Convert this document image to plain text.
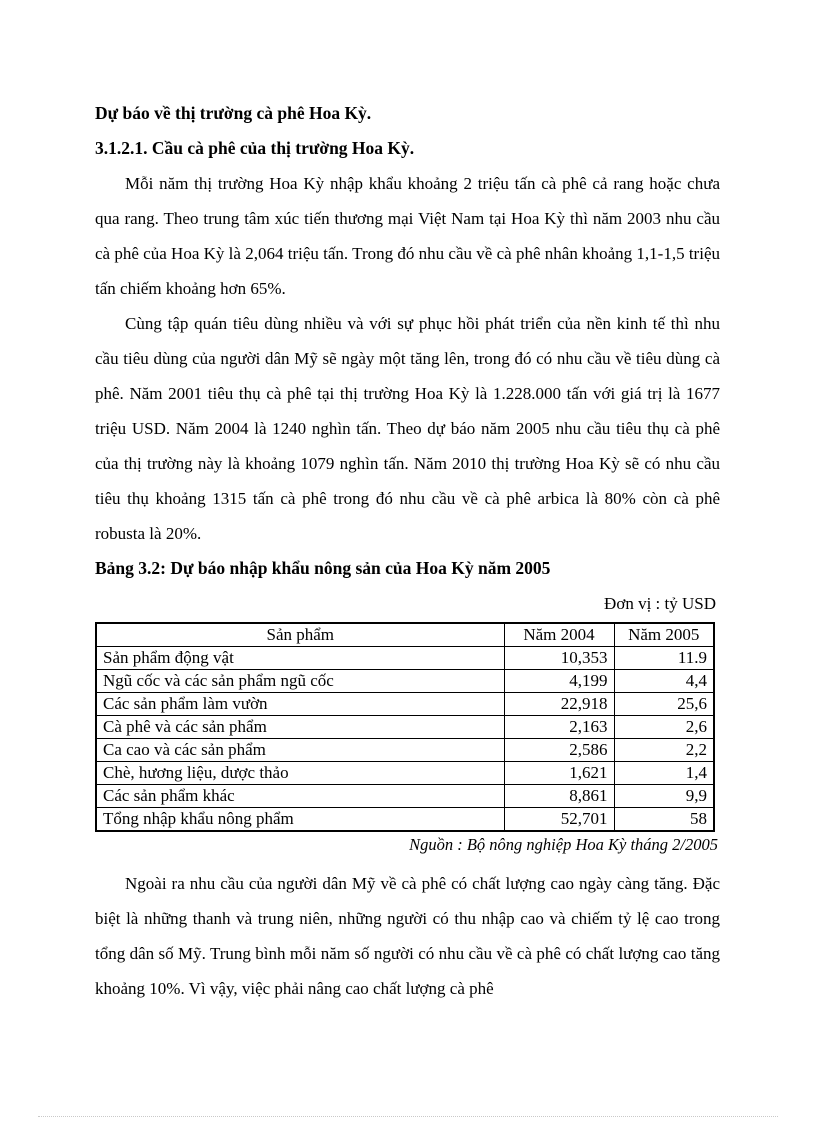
Dự báo về thị trường cà phê Hoa Kỳ.
3.1.2.1. Cầu cà phê của thị trường Hoa Kỳ.

Mỗi năm thị trường Hoa Kỳ nhập khẩu khoảng 2 triệu tấn cà phê cả rang hoặc chưa qua rang. Theo trung tâm xúc tiến thương mại Việt Nam tại Hoa Kỳ thì năm 2003 nhu cầu cà phê của Hoa Kỳ là 2,064 triệu tấn. Trong đó nhu cầu về cà phê nhân khoảng 1,1-1,5 triệu tấn chiếm khoảng hơn 65%.

Cùng tập quán tiêu dùng nhiều và với sự phục hồi phát triển của nền kinh tế thì nhu cầu tiêu dùng của người dân Mỹ sẽ ngày một tăng lên, trong đó có nhu cầu về tiêu dùng cà phê. Năm 2001 tiêu thụ cà phê tại thị trường Hoa Kỳ là 1.228.000 tấn với giá trị là 1677 triệu USD. Năm 2004 là 1240 nghìn tấn. Theo dự báo năm 2005 nhu cầu tiêu thụ cà phê của thị trường này là khoảng 1079 nghìn tấn. Năm 2010 thị trường Hoa Kỳ sẽ có nhu cầu tiêu thụ khoảng 1315 tấn cà phê trong đó nhu cầu về cà phê arbica là 80% còn cà phê robusta là 20%.

Bảng 3.2: Dự báo nhập khẩu nông sản của Hoa Kỳ năm 2005
Đơn vị : tỷ USD
Sản phẩm	Năm 2004	Năm 2005
Sản phẩm động vật	10,353	11.9
Ngũ cốc và các sản phẩm ngũ cốc	4,199	4,4
Các sản phẩm làm vườn	22,918	25,6
Cà phê và các sản phẩm	2,163	2,6
Ca cao và các sản phẩm	2,586	2,2
Chè, hương liệu, dược thảo	1,621	1,4
Các sản phẩm khác	8,861	9,9
Tổng nhập khẩu nông phẩm	52,701	58
Nguồn : Bộ nông nghiệp Hoa Kỳ tháng 2/2005

Ngoài ra nhu cầu của người dân Mỹ về cà phê có chất lượng cao ngày càng tăng. Đặc biệt là những thanh và trung niên, những người có thu nhập cao và chiếm tỷ lệ cao trong tổng dân số Mỹ. Trung bình mỗi năm số người có nhu cầu về cà phê có chất lượng cao tăng khoảng 10%. Vì vậy, việc phải nâng cao chất lượng cà phê
